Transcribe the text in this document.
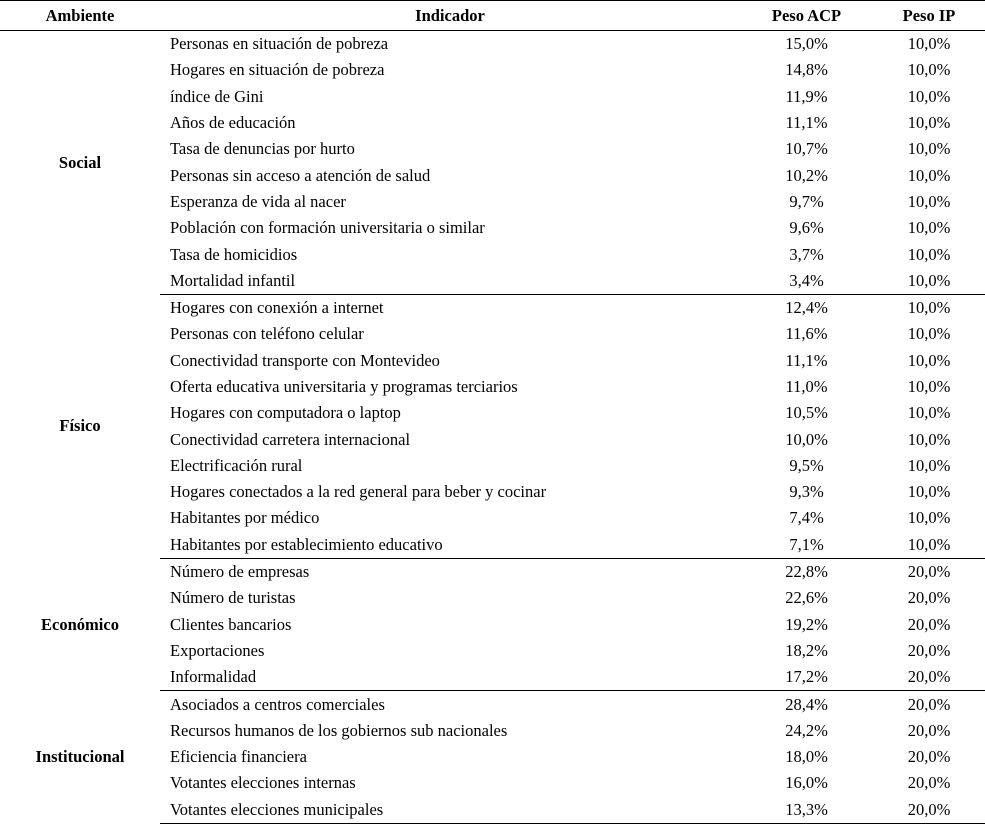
Ambiente	Indicador	Peso ACP	Peso IP
Social	Personas en situación de pobreza	15,0%	10,0%
	Hogares en situación de pobreza	14,8%	10,0%
	índice de Gini	11,9%	10,0%
	Años de educación	11,1%	10,0%
	Tasa de denuncias por hurto	10,7%	10,0%
	Personas sin acceso a atención de salud	10,2%	10,0%
	Esperanza de vida al nacer	9,7%	10,0%
	Población con formación universitaria o similar	9,6%	10,0%
	Tasa de homicidios	3,7%	10,0%
	Mortalidad infantil	3,4%	10,0%
Físico	Hogares con conexión a internet	12,4%	10,0%
	Personas con teléfono celular	11,6%	10,0%
	Conectividad transporte con Montevideo	11,1%	10,0%
	Oferta educativa universitaria y programas terciarios	11,0%	10,0%
	Hogares con computadora o laptop	10,5%	10,0%
	Conectividad carretera internacional	10,0%	10,0%
	Electrificación rural	9,5%	10,0%
	Hogares conectados a la red general para beber y cocinar	9,3%	10,0%
	Habitantes por médico	7,4%	10,0%
	Habitantes por establecimiento educativo	7,1%	10,0%
Económico	Número de empresas	22,8%	20,0%
	Número de turistas	22,6%	20,0%
	Clientes bancarios	19,2%	20,0%
	Exportaciones	18,2%	20,0%
	Informalidad	17,2%	20,0%
Institucional	Asociados a centros comerciales	28,4%	20,0%
	Recursos humanos de los gobiernos sub nacionales	24,2%	20,0%
	Eficiencia financiera	18,0%	20,0%
	Votantes elecciones internas	16,0%	20,0%
	Votantes elecciones municipales	13,3%	20,0%
